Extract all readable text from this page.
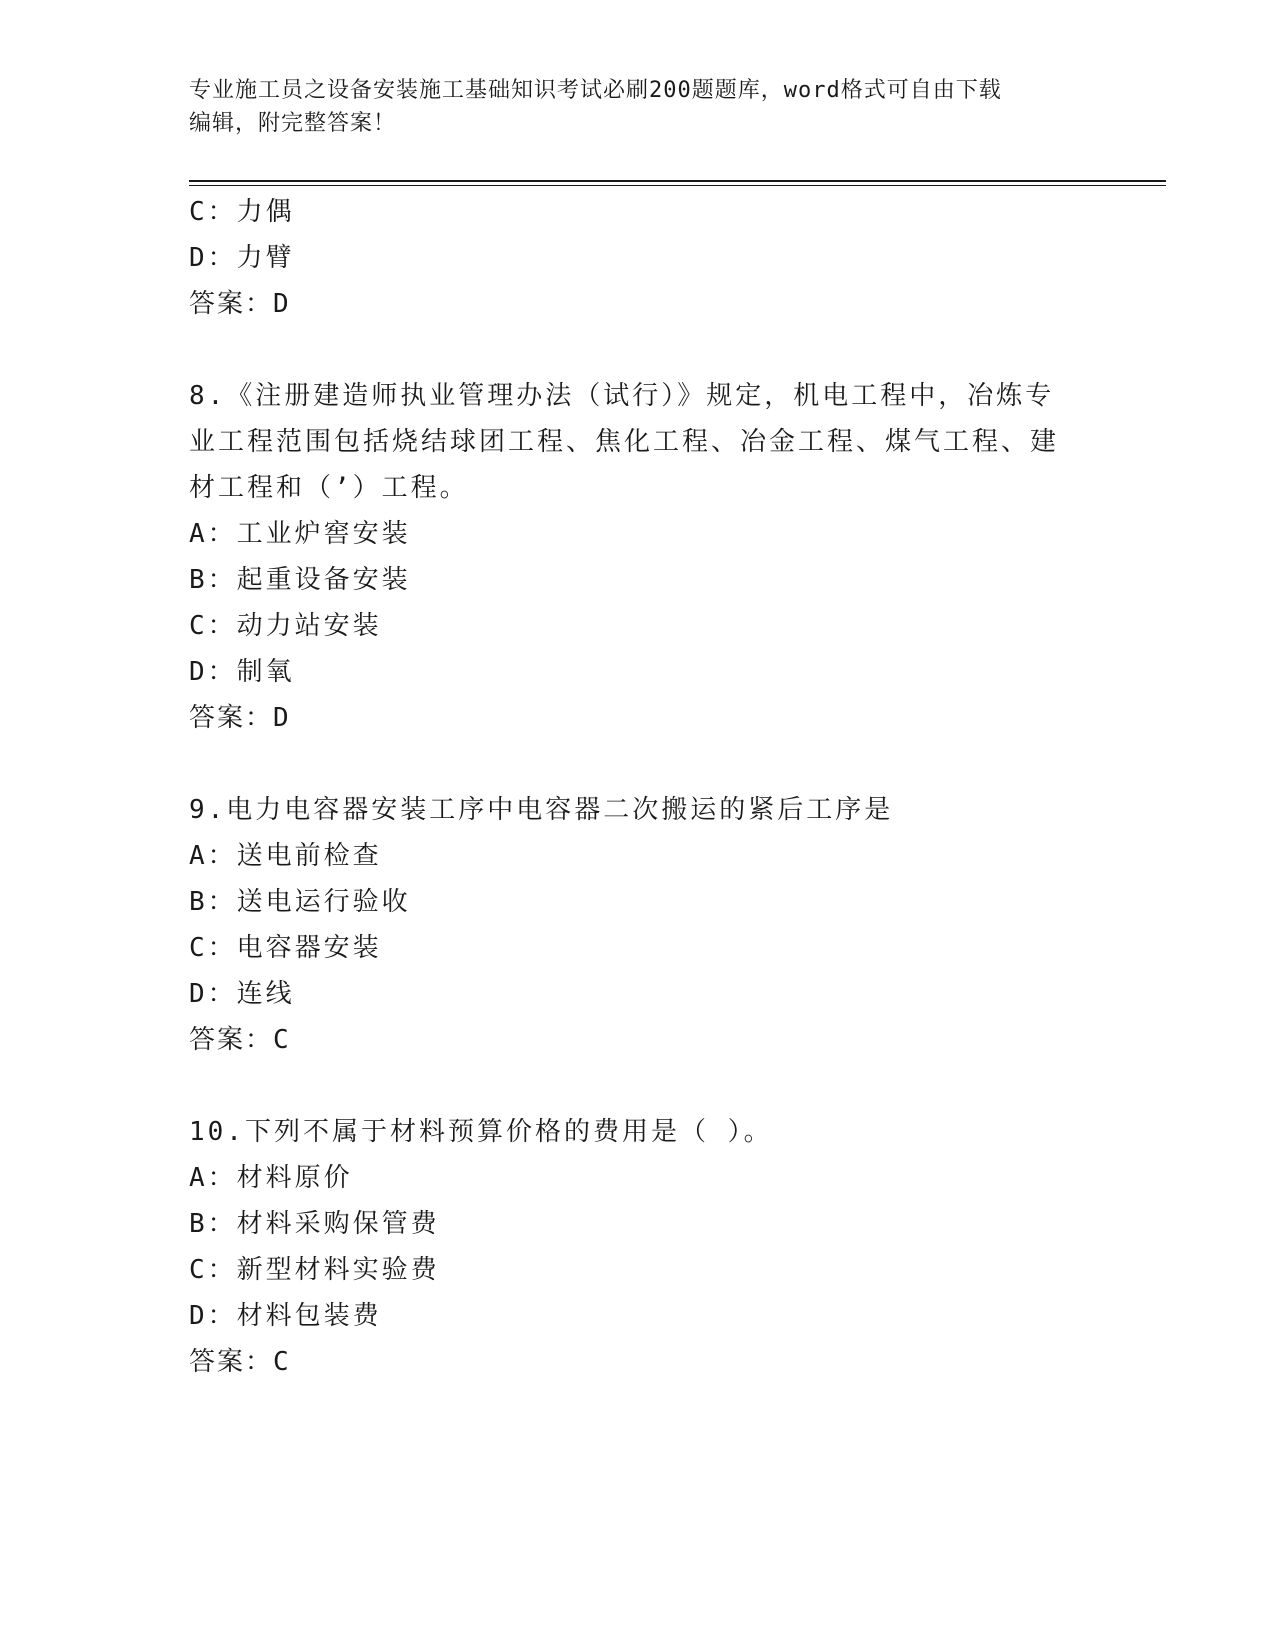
专业施工员之设备安装施工基础知识考试必刷200题题库，word格式可自由下载
编辑，附完整答案！
C：力偶
D：力臂
答案：D
8.《注册建造师执业管理办法（试行）》规定，机电工程中，冶炼专
业工程范围包括烧结球团工程、焦化工程、冶金工程、煤气工程、建
材工程和（’）工程。
A：工业炉窖安装
B：起重设备安装
C：动力站安装
D：制氧
答案：D
9.电力电容器安装工序中电容器二次搬运的紧后工序是
A：送电前检查
B：送电运行验收
C：电容器安装
D：连线
答案：C
10.下列不属于材料预算价格的费用是（ ）。
A：材料原价
B：材料采购保管费
C：新型材料实验费
D：材料包装费
答案：C
